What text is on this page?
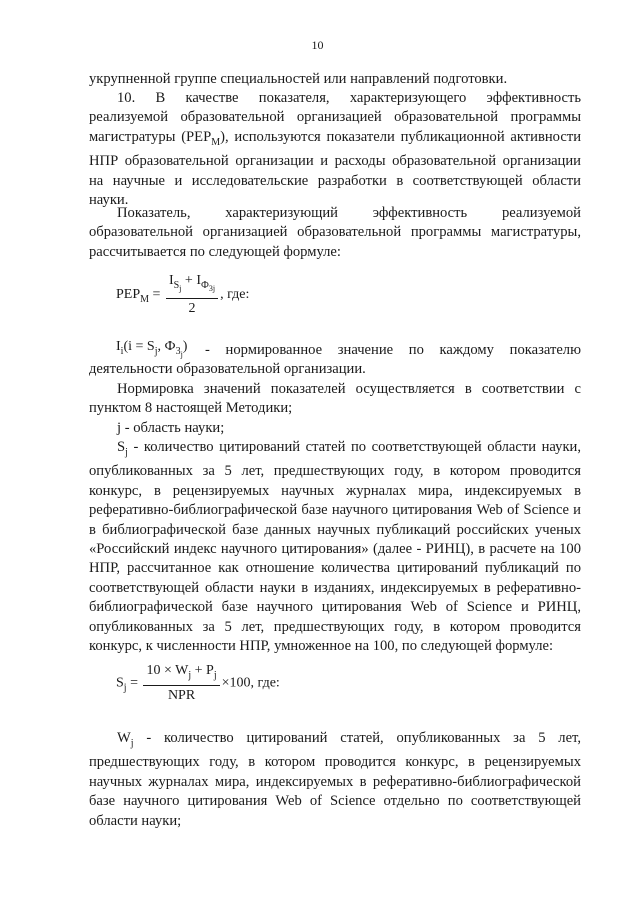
10

укрупненной группе специальностей или направлений подготовки.

10. В качестве показателя, характеризующего эффективность

реализуемой образовательной организацией образовательной программы

магистратуры $(РЕР_М)$, используются показатели публикационной активности

НПР образовательной организации и расходы образовательной организации

на научные и исследовательские разработки в соответствующей области

науки.

Показатель, характеризующий эффективность реализуемой

образовательной организацией образовательной программы магистратуры,

рассчитывается по следующей формуле:

$РЕР_М = \frac{I_{S_j} + I_{Ф_{3j}}}{2}$ , где:
$I_i(i = S_j$, $Ф_{3_j}$) - нормированное значение по каждому показателю

деятельности образовательной организации.

Нормировка значений показателей осуществляется в соответствии с

пунктом 8 настоящей Методики;

j - область науки;

$S_j$ - количество цитирований статей по соответствующей области науки,

опубликованных за 5 лет, предшествующих году, в котором проводится

конкурс, в рецензируемых научных журналах мира, индексируемых в

реферативно-библиографической базе научного цитирования Web of Science и

в библиографической базе данных научных публикаций российских ученых

«Российский индекс научного цитирования» (далее - РИНЦ), в расчете на 100

НПР, рассчитанное как отношение количества цитирований публикаций по

соответствующей области науки в изданиях, индексируемых в реферативно-

библиографической базе научного цитирования Web of Science и РИНЦ,

опубликованных за 5 лет, предшествующих году, в котором проводится

конкурс, к численности НПР, умноженное на 100, по следующей формуле:

$S_j = \frac{10 \times W_j + P_j}{\text{NPR}} \times 100$, где:

$W_j$ - количество цитирований статей, опубликованных за 5 лет,

предшествующих году, в котором проводится конкурс, в рецензируемых

научных журналах мира, индексируемых в реферативно-библиографической

базе научного цитирования Web of Science отдельно по соответствующей

области науки;
